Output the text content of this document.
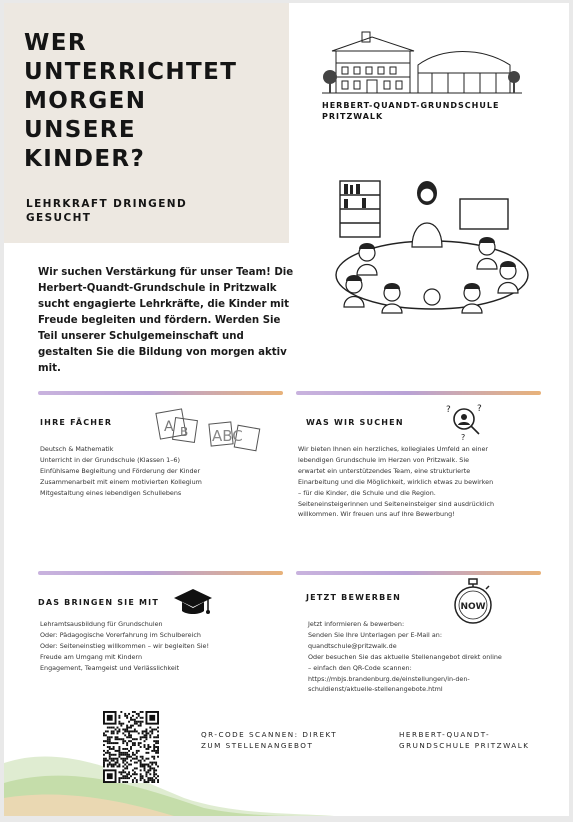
WER
UNTERRICHTET
MORGEN
UNSERE
KINDER?
LEHRKRAFT DRINGEND
GESUCHT
HERBERT-QUANDT-GRUNDSCHULE
PRITZWALK
Wir suchen Verstärkung für unser Team! Die
Herbert-Quandt-Grundschule in Pritzwalk
sucht engagierte Lehrkräfte, die Kinder mit
Freude begleiten und fördern. Werden Sie
Teil unserer Schulgemeinschaft und
gestalten Sie die Bildung von morgen aktiv
mit.
IHRE FÄCHER	A B ABC
Deutsch & Mathematik
Unterricht in der Grundschule (Klassen 1–6)
Einfühlsame Begleitung und Förderung der Kinder
Zusammenarbeit mit einem motivierten Kollegium
Mitgestaltung eines lebendigen Schullebens
WAS WIR SUCHEN
?	?
?
Wir bieten Ihnen ein herzliches, kollegiales Umfeld an einer
lebendigen Grundschule im Herzen von Pritzwalk. Sie
erwartet ein unterstützendes Team, eine strukturierte
Einarbeitung und die Möglichkeit, wirklich etwas zu bewirken
– für die Kinder, die Schule und die Region.
Seiteneinsteigerinnen und Seiteneinsteiger sind ausdrücklich
willkommen. Wir freuen uns auf Ihre Bewerbung!
DAS BRINGEN SIE MIT
Lehramtsausbildung für Grundschulen
Oder: Pädagogische Vorerfahrung im Schulbereich
Oder: Seiteneinstieg willkommen – wir begleiten Sie!
Freude am Umgang mit Kindern
Engagement, Teamgeist und Verlässlichkeit
JETZT BEWERBEN
NOW
Jetzt informieren & bewerben:
Senden Sie Ihre Unterlagen per E-Mail an:
quandtschule@pritzwalk.de
Oder besuchen Sie das aktuelle Stellenangebot direkt online
– einfach den QR-Code scannen:
https://mbjs.brandenburg.de/einstellungen/in-den-
schuldienst/aktuelle-stellenangebote.html
QR-CODE SCANNEN: DIREKT
ZUM STELLENANGEBOT
HERBERT-QUANDT-
GRUNDSCHULE PRITZWALK
